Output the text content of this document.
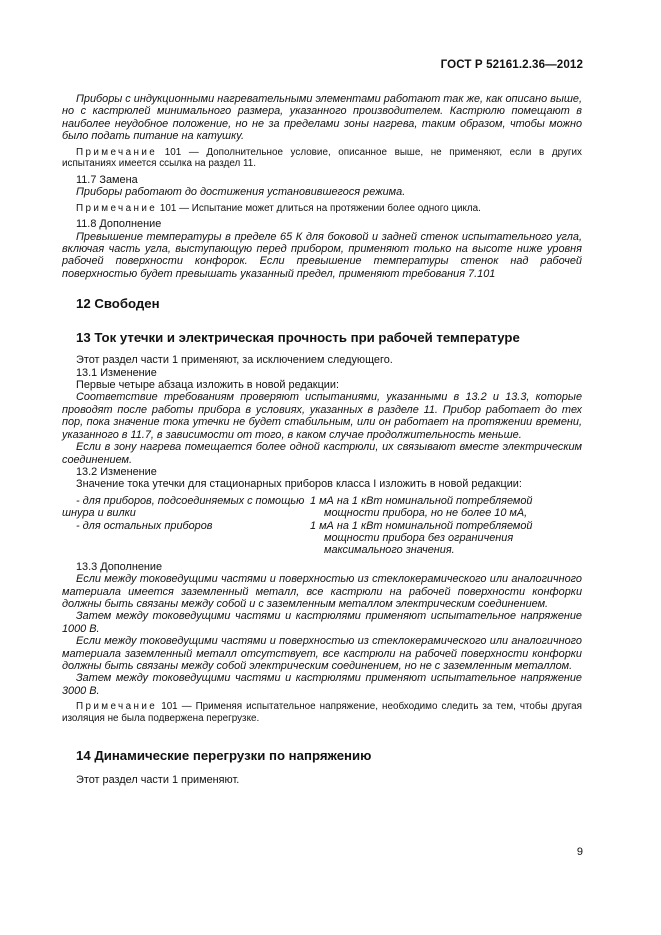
ГОСТ Р 52161.2.36—2012

Приборы с индукционными нагревательными элементами работают так же, как описано выше, но с кастрюлей минимального размера, указанного производителем. Кастрюлю помещают в наиболее неудобное положение, но не за пределами зоны нагрева, таким образом, чтобы можно было подать питание на катушку.

Примечание 101 — Дополнительное условие, описанное выше, не применяют, если в других испытаниях имеется ссылка на раздел 11.

11.7 Замена

Приборы работают до достижения установившегося режима.

Примечание 101 — Испытание может длиться на протяжении более одного цикла.

11.8 Дополнение

Превышение температуры в пределе 65 К для боковой и задней стенок испытательного угла, включая часть угла, выступающую перед прибором, применяют только на высоте ниже уровня рабочей поверхности конфорок. Если превышение температуры стенок над рабочей поверхностью будет превышать указанный предел, применяют требования 7.101

12 Свободен
13 Ток утечки и электрическая прочность при рабочей температуре

Этот раздел части 1 применяют, за исключением следующего.

13.1 Изменение

Первые четыре абзаца изложить в новой редакции:

Соответствие требованиям проверяют испытаниями, указанными в 13.2 и 13.3, которые проводят после работы прибора в условиях, указанных в разделе 11. Прибор работает до тех пор, пока значение тока утечки не будет стабильным, или он работает на протяжении времени, указанного в 11.7, в зависимости от того, в каком случае продолжительность меньше.

Если в зону нагрева помещается более одной кастрюли, их связывают вместе электрическим соединением.

13.2 Изменение

Значение тока утечки для стационарных приборов класса I изложить в новой редакции:

- для приборов, подсоединяемых с помощью шнура и вилки
1 мА на 1 кВт номинальной потребляемой мощности прибора, но не более 10 мА,
- для остальных приборов	1 мА на 1 кВт номинальной потребляемой мощности прибора без ограничения максимального значения.

13.3 Дополнение

Если между токоведущими частями и поверхностью из стеклокерамического или аналогичного материала имеется заземленный металл, все кастрюли на рабочей поверхности конфорки должны быть связаны между собой и с заземленным металлом электрическим соединением.

Затем между токоведущими частями и кастрюлями применяют испытательное напряжение 1000 В.

Если между токоведущими частями и поверхностью из стеклокерамического или аналогичного материала заземленный металл отсутствует, все кастрюли на рабочей поверхности конфорки должны быть связаны между собой электрическим соединением, но не с заземленным металлом.

Затем между токоведущими частями и кастрюлями применяют испытательное напряжение 3000 В.

Примечание 101 — Применяя испытательное напряжение, необходимо следить за тем, чтобы другая изоляция не была подвержена перегрузке.

14 Динамические перегрузки по напряжению

Этот раздел части 1 применяют.

9
